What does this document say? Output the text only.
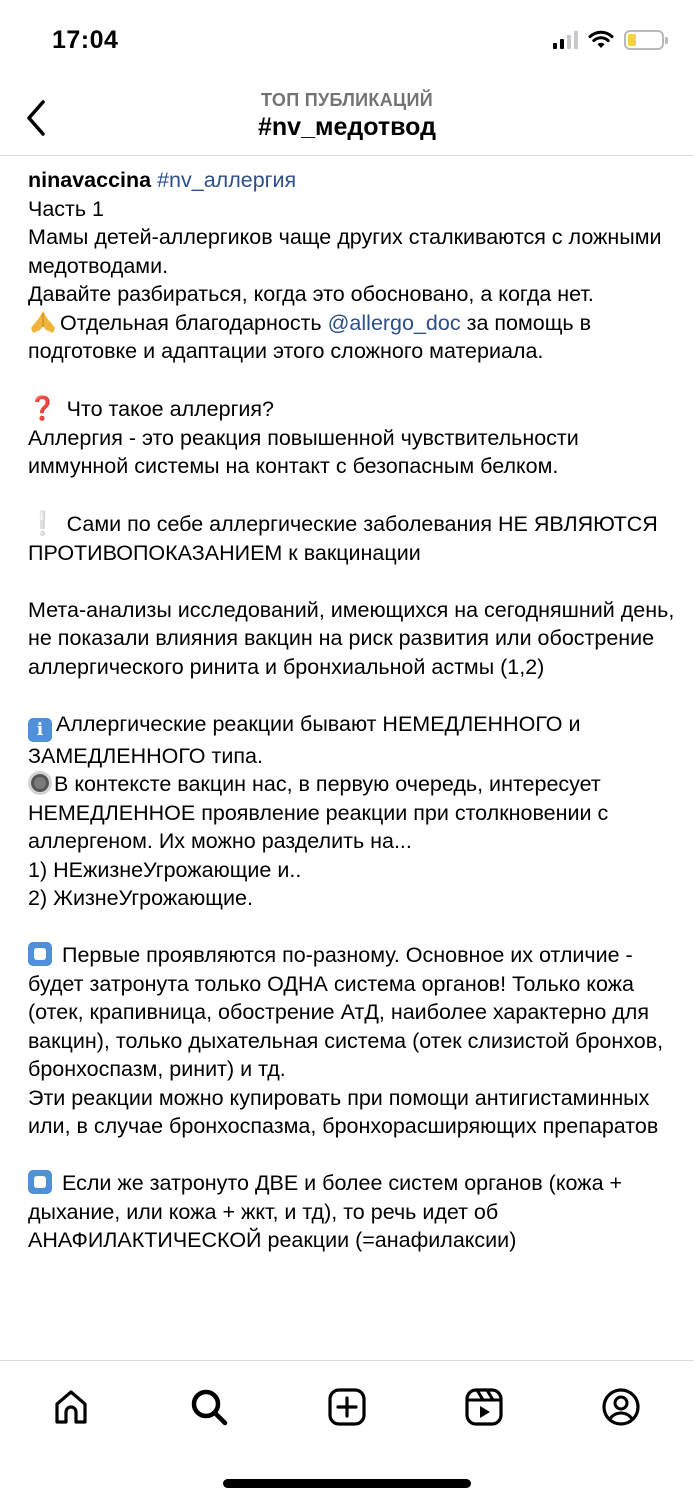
17:04
ТОП ПУБЛИКАЦИЙ
#nv_медотвод

ninavaccina #nv_аллергия

Часть 1

Мамы детей-аллергиков чаще других сталкиваются с ложными медотводами.

Давайте разбираться, когда это обосновано, а когда нет.

Отдельная благодарность @allergo_doc за помощь в подготовке и адаптации этого сложного материала.

❓ Что такое аллергия?

Аллергия - это реакция повышенной чувствительности иммунной системы на контакт с безопасным белком.

❕ Сами по себе аллергические заболевания НЕ ЯВЛЯЮТСЯ ПРОТИВОПОКАЗАНИЕМ к вакцинации

Мета-анализы исследований, имеющихся на сегодняшний день, не показали влияния вакцин на риск развития или обострение аллергического ринита и бронхиальной астмы (1,2)

i Аллергические реакции бывают НЕМЕДЛЕННОГО и ЗАМЕДЛЕННОГО типа.

В контексте вакцин нас, в первую очередь, интересует НЕМЕДЛЕННОЕ проявление реакции при столкновении с аллергеном. Их можно разделить на...

1) НЕжизнеУгрожающие и..

2) ЖизнеУгрожающие.

Первые проявляются по-разному. Основное их отличие - будет затронута только ОДНА система органов! Только кожа (отек, крапивница, обострение АтД, наиболее характерно для вакцин), только дыхательная система (отек слизистой бронхов, бронхоспазм, ринит) и тд.

Эти реакции можно купировать при помощи антигистаминных или, в случае бронхоспазма, бронхорасширяющих препаратов

Если же затронуто ДВЕ и более систем органов (кожа + дыхание, или кожа + жкт, и тд), то речь идет об АНАФИЛАКТИЧЕСКОЙ реакции (=анафилаксии)
